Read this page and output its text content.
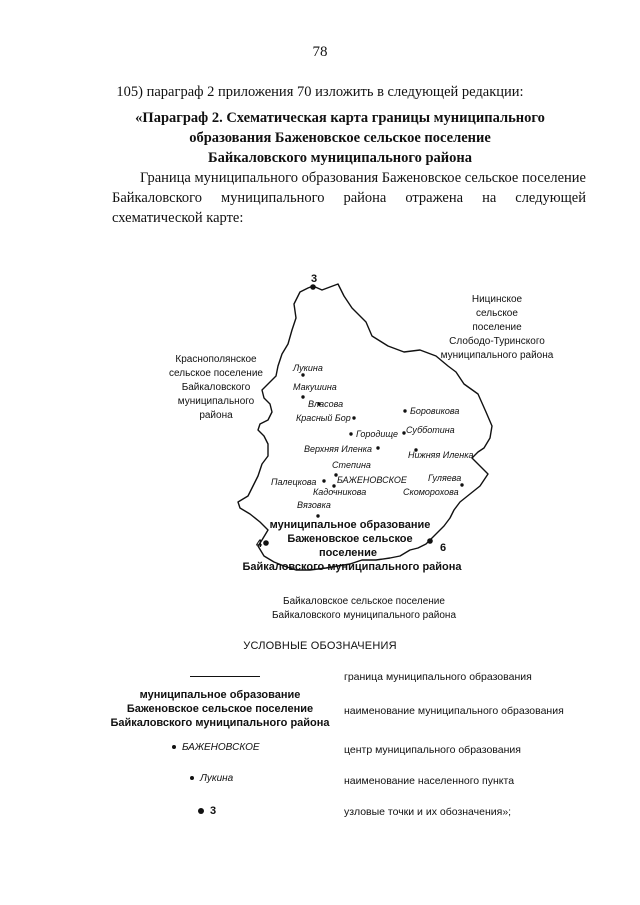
78
105) параграф 2 приложения 70 изложить в следующей редакции:
«Параграф 2. Схематическая карта границы муниципального
образования Баженовское сельское поселение
Байкаловского муниципального района
Граница муниципального образования Баженовское сельское поселение Байкаловского муниципального района отражена на следующей схематической карте:
3
4	6
Ницинское
сельское
поселение
Слободо-Туринского
муниципального района
Краснополянское
сельское поселение
Байкаловского
муниципального
района
Байкаловское сельское поселение
Байкаловского муниципального района
Лукина
Макушина
Власова
Боровикова
Красный Бор
Городище Субботина
Верхняя Иленка
Нижняя Иленка
Степина
Палецкова БАЖЕНОВСКОЕ
Кадочникова
Гуляева
Скоморохова
Вязовка
муниципальное образование
Баженовское сельское
поселение
Байкаловского муниципального района
УСЛОВНЫЕ ОБОЗНАЧЕНИЯ
граница муниципального образования
муниципальное образование
Баженовское сельское поселение
Байкаловского муниципального района
наименование муниципального образования
БАЖЕНОВСКОЕ	центр муниципального образования
Лукина	наименование населенного пункта
3	узловые точки и их обозначения»;
